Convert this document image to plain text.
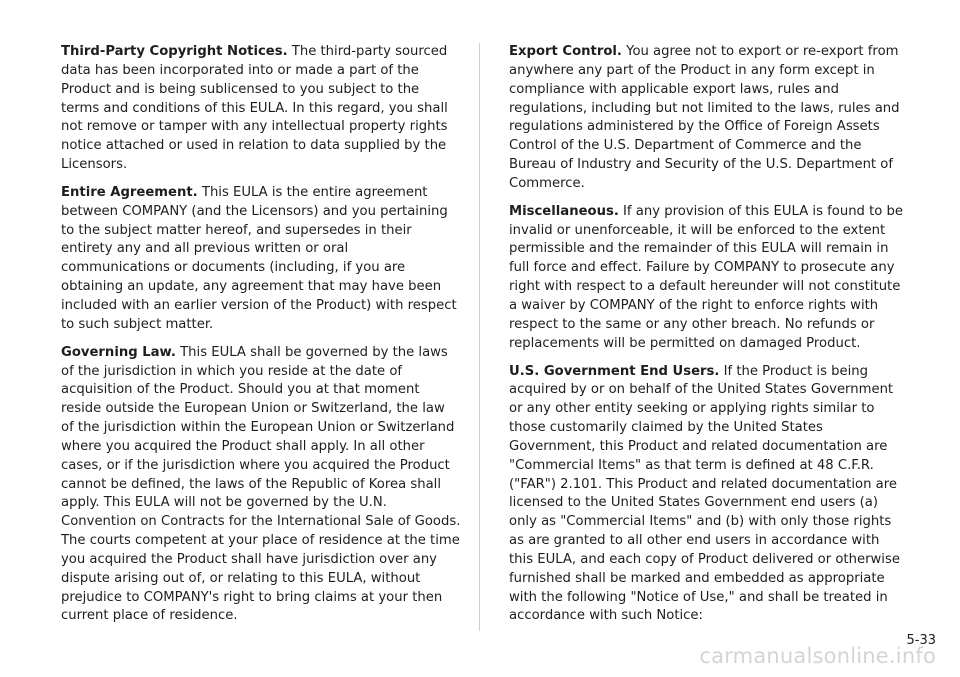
Third-Party Copyright Notices. The third-party sourced data has been incorporated into or made a part of the Product and is being sublicensed to you subject to the terms and conditions of this EULA. In this regard, you shall not remove or tamper with any intellectual property rights notice attached or used in relation to data supplied by the Licensors.

Entire Agreement. This EULA is the entire agreement between COMPANY (and the Licensors) and you pertaining to the subject matter hereof, and supersedes in their entirety any and all previous written or oral communications or documents (including, if you are obtaining an update, any agreement that may have been included with an earlier version of the Product) with respect to such subject matter.

Governing Law. This EULA shall be governed by the laws of the jurisdiction in which you reside at the date of acquisition of the Product. Should you at that moment reside outside the European Union or Switzerland, the law of the jurisdiction within the European Union or Switzerland where you acquired the Product shall apply. In all other cases, or if the jurisdiction where you acquired the Product cannot be defined, the laws of the Republic of Korea shall apply. This EULA will not be governed by the U.N. Convention on Contracts for the International Sale of Goods. The courts competent at your place of residence at the time you acquired the Product shall have jurisdiction over any dispute arising out of, or relating to this EULA, without prejudice to COMPANY's right to bring claims at your then current place of residence.

Export Control. You agree not to export or re-export from anywhere any part of the Product in any form except in compliance with applicable export laws, rules and regulations, including but not limited to the laws, rules and regulations administered by the Office of Foreign Assets Control of the U.S. Department of Commerce and the Bureau of Industry and Security of the U.S. Department of Commerce.

Miscellaneous. If any provision of this EULA is found to be invalid or unenforceable, it will be enforced to the extent permissible and the remainder of this EULA will remain in full force and effect. Failure by COMPANY to prosecute any right with respect to a default hereunder will not constitute a waiver by COMPANY of the right to enforce rights with respect to the same or any other breach. No refunds or replacements will be permitted on damaged Product.

U.S. Government End Users. If the Product is being acquired by or on behalf of the United States Government or any other entity seeking or applying rights similar to those customarily claimed by the United States Government, this Product and related documentation are "Commercial Items" as that term is defined at 48 C.F.R. ("FAR") 2.101. This Product and related documentation are licensed to the United States Government end users (a) only as "Commercial Items" and (b) with only those rights as are granted to all other end users in accordance with this EULA, and each copy of Product delivered or otherwise furnished shall be marked and embedded as appropriate with the following "Notice of Use," and shall be treated in accordance with such Notice:

5-33
carmanualsonline.info
